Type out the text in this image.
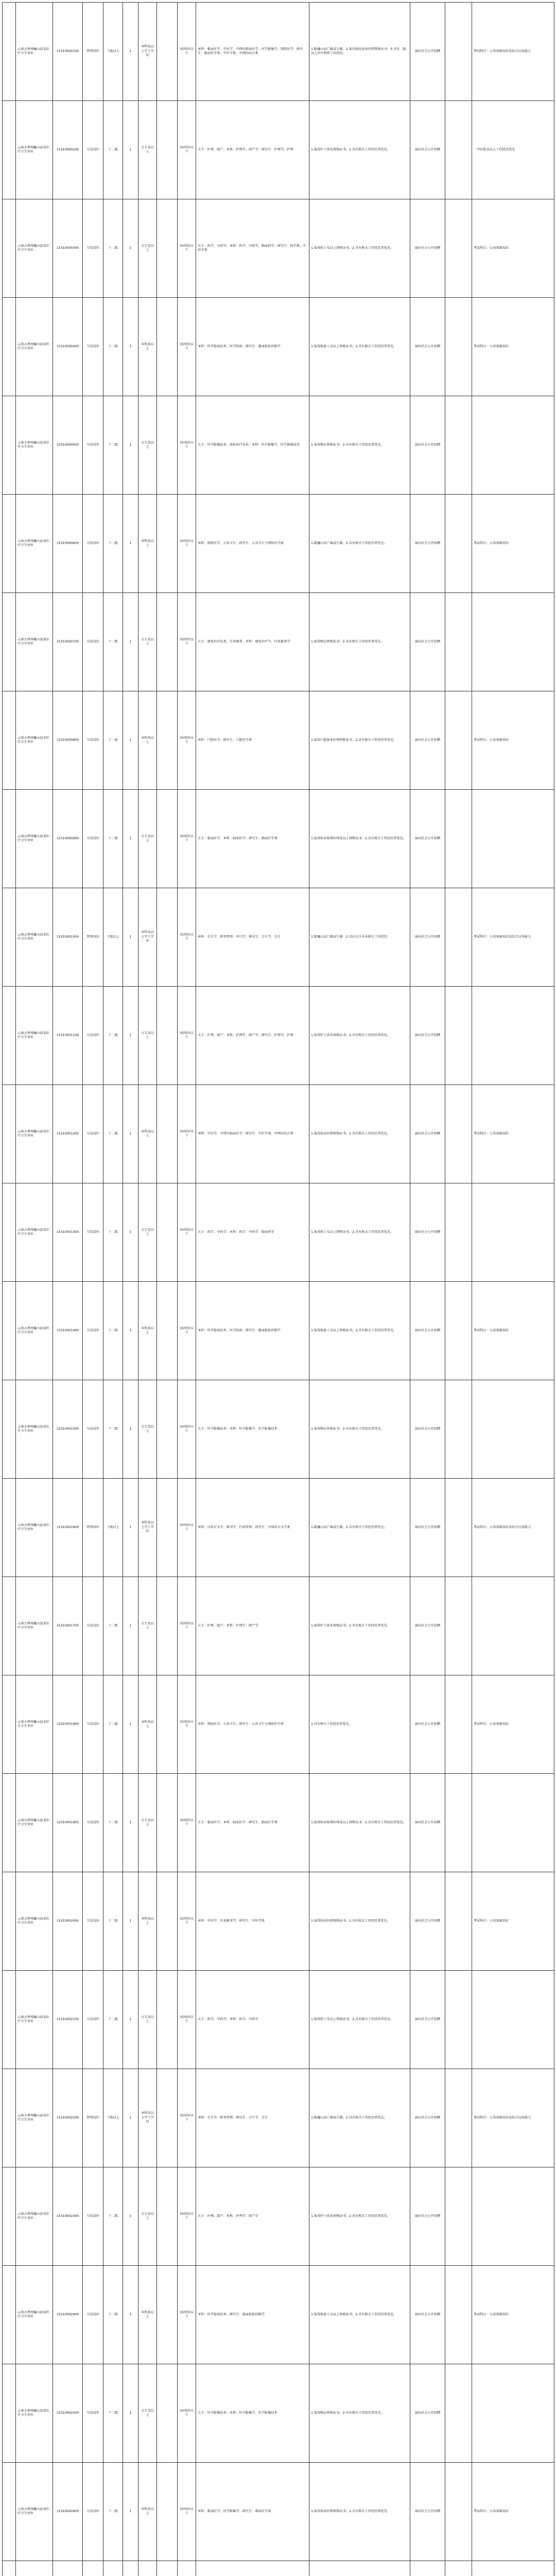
	云南大理州巍山县某医疗卫生单位	15310000100	管理岗位	十级以上	1	本科及以上学士学位		35周岁以下	本科：临床医学，中医学，中西医临床医学，医学影像学，预防医学；研究生：临床医学类，中医学类，中西医结合类	1.限巍山县户籍或生源。2.需有相应执业医师资格证书。3.具有二级以上医疗机构工作经历。	面向社会公开招聘		考试科目：公共基础知识及综合应用能力
	云南大理州巍山县某医疗卫生单位	15310000200	专技岗位	十二级	1	大专及以上		35周岁以下	大专：护理，助产；本科：护理学，助产学；研究生：护理学，护理	1.取得护士执业资格证书。2.具有相关工作经历者优先。	面向社会公开招聘		二甲医院及以上工作经历优先
	云南大理州巍山县某医疗卫生单位	15310000300	专技岗位	十二级	1	大专及以上		35周岁以下	大专：药学，中药学；本科：药学，中药学，临床药学；研究生：药学类，中药学类	1.取得药士及以上资格证书。2.具有相关工作经历者优先。	面向社会公开招聘		考试科目：公共基础知识
	云南大理州巍山县某医疗卫生单位	15310000400	专技岗位	十二级	1	本科及以上		35周岁以下	本科：医学检验技术，医学检验；研究生：临床检验诊断学	1.取得检验士及以上资格证书。2.具有相关工作经历者优先。	面向社会公开招聘		考试科目：公共基础知识
	云南大理州巍山县某医疗卫生单位	15310000500	专技岗位	十二级	1	大专及以上		35周岁以下	大专：医学影像技术，放射治疗技术；本科：医学影像学，医学影像技术	1.取得相应资格证书。2.具有相关工作经历者优先。	面向社会公开招聘		
	云南大理州巍山县某医疗卫生单位	15310000600	专技岗位	十二级	1	本科及以上		35周岁以下	本科：预防医学，公共卫生；研究生：公共卫生与预防医学类	1.限巍山县户籍或生源。2.具有相关工作经历者优先。	面向社会公开招聘		考试科目：公共基础知识
	云南大理州巍山县某医疗卫生单位	15310000700	专技岗位	十二级	1	大专及以上		35周岁以下	大专：康复治疗技术，针灸推拿；本科：康复治疗学，针灸推拿学	1.取得相应资格证书。2.具有相关工作经历者优先。	面向社会公开招聘		
	云南大理州巍山县某医疗卫生单位	15310000800	专技岗位	十二级	1	本科及以上		35周岁以下	本科：口腔医学；研究生：口腔医学类	1.取得口腔执业医师资格证书。2.具有相关工作经历者优先。	面向社会公开招聘		考试科目：公共基础知识
	云南大理州巍山县某医疗卫生单位	15310000900	专技岗位	十二级	1	大专及以上		35周岁以下	大专：临床医学；本科：临床医学；研究生：临床医学类	1.取得执业助理医师及以上资格证书。2.具有相关工作经历者优先。	面向社会公开招聘		
	云南大理州巍山县某医疗卫生单位	15310001000	管理岗位	十级以上	1	本科及以上学士学位		35周岁以下	本科：会计学，财务管理，审计学；研究生：会计学，会计	1.限巍山县户籍或生源。2.具有会计从业相关工作经历。	面向社会公开招聘		考试科目：公共基础知识及综合应用能力
	云南大理州巍山县某医疗卫生单位	15310001100	专技岗位	十二级	1	大专及以上		35周岁以下	大专：护理，助产；本科：护理学，助产学；研究生：护理学，护理	1.取得护士执业资格证书。2.具有相关工作经历者优先。	面向社会公开招聘		
	云南大理州巍山县某医疗卫生单位	15310001200	专技岗位	十二级	1	本科及以上		35周岁以下	本科：中医学，中西医临床医学；研究生：中医学类，中西医结合类	1.取得执业医师资格证书。2.具有相关工作经历者优先。	面向社会公开招聘		考试科目：公共基础知识
	云南大理州巍山县某医疗卫生单位	15310001300	专技岗位	十二级	1	大专及以上		35周岁以下	大专：药学，中药学；本科：药学，中药学，临床药学	1.取得药士及以上资格证书。2.具有相关工作经历者优先。	面向社会公开招聘		
	云南大理州巍山县某医疗卫生单位	15310001400	专技岗位	十二级	1	本科及以上		35周岁以下	本科：医学检验技术，医学检验；研究生：临床检验诊断学	1.取得检验士及以上资格证书。2.具有相关工作经历者优先。	面向社会公开招聘		考试科目：公共基础知识
	云南大理州巍山县某医疗卫生单位	15310001500	专技岗位	十二级	1	大专及以上		35周岁以下	大专：医学影像技术；本科：医学影像学，医学影像技术	1.取得相应资格证书。2.具有相关工作经历者优先。	面向社会公开招聘		
	云南大理州巍山县某医疗卫生单位	15310001600	管理岗位	十级以上	1	本科及以上学士学位		35周岁以下	本科：汉语言文学，秘书学，行政管理；研究生：中国语言文学类	1.限巍山县户籍或生源。2.具有相关工作经历者优先。	面向社会公开招聘		考试科目：公共基础知识及综合应用能力
	云南大理州巍山县某医疗卫生单位	15310001700	专技岗位	十二级	1	大专及以上		35周岁以下	大专：护理，助产；本科：护理学，助产学	1.取得护士执业资格证书。2.具有相关工作经历者优先。	面向社会公开招聘		
	云南大理州巍山县某医疗卫生单位	15310001800	专技岗位	十二级	1	本科及以上		35周岁以下	本科：预防医学，公共卫生；研究生：公共卫生与预防医学类	1.具有相关工作经历者优先。	面向社会公开招聘		考试科目：公共基础知识
	云南大理州巍山县某医疗卫生单位	15310001900	专技岗位	十二级	1	大专及以上		35周岁以下	大专：临床医学；本科：临床医学；研究生：临床医学类	1.取得执业助理医师及以上资格证书。2.具有相关工作经历者优先。	面向社会公开招聘		
	云南大理州巍山县某医疗卫生单位	15310002000	专技岗位	十二级	1	本科及以上		35周岁以下	本科：中医学，针灸推拿学；研究生：中医学类	1.取得执业医师资格证书。2.具有相关工作经历者优先。	面向社会公开招聘		考试科目：公共基础知识
	云南大理州巍山县某医疗卫生单位	15310002100	专技岗位	十二级	1	大专及以上		35周岁以下	大专：药学，中药学；本科：药学，中药学	1.取得药士及以上资格证书。2.具有相关工作经历者优先。	面向社会公开招聘		
	云南大理州巍山县某医疗卫生单位	15310002200	管理岗位	十级以上	1	本科及以上学士学位		35周岁以下	本科：会计学，财务管理；研究生：会计学，会计	1.限巍山县户籍或生源。2.具有相关工作经历者优先。	面向社会公开招聘		考试科目：公共基础知识及综合应用能力
	云南大理州巍山县某医疗卫生单位	15310002300	专技岗位	十二级	1	大专及以上		35周岁以下	大专：护理，助产；本科：护理学，助产学	1.取得护士执业资格证书。2.具有相关工作经历者优先。	面向社会公开招聘		
	云南大理州巍山县某医疗卫生单位	15310002400	专技岗位	十二级	1	本科及以上		35周岁以下	本科：医学检验技术；研究生：临床检验诊断学	1.取得检验士及以上资格证书。2.具有相关工作经历者优先。	面向社会公开招聘		考试科目：公共基础知识
	云南大理州巍山县某医疗卫生单位	15310002500	专技岗位	十二级	1	大专及以上		35周岁以下	大专：医学影像技术；本科：医学影像学，医学影像技术	1.取得相应资格证书。2.具有相关工作经历者优先。	面向社会公开招聘		
	云南大理州巍山县某医疗卫生单位	15310002600	专技岗位	十二级	1	本科及以上		35周岁以下	本科：临床医学，医学影像学；研究生：临床医学类	1.取得执业医师资格证书。2.具有相关工作经历者优先。	面向社会公开招聘		考试科目：公共基础知识
